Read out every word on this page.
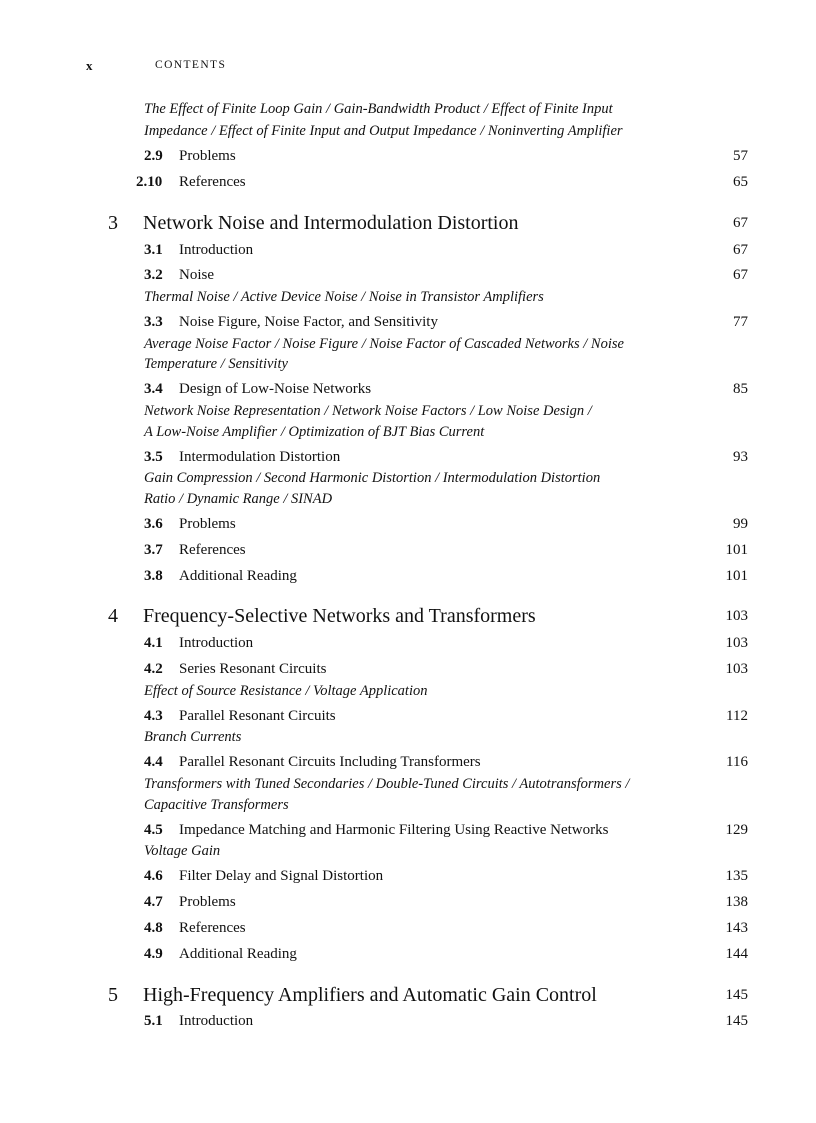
x	CONTENTS
The Effect of Finite Loop Gain / Gain-Bandwidth Product / Effect of Finite Input
Impedance / Effect of Finite Input and Output Impedance / Noninverting Amplifier
2.9 Problems	57
2.10 References	65
3 Network Noise and Intermodulation Distortion	67
3.1 Introduction	67
3.2 Noise	67
Thermal Noise / Active Device Noise / Noise in Transistor Amplifiers
3.3 Noise Figure, Noise Factor, and Sensitivity	77
Average Noise Factor / Noise Figure / Noise Factor of Cascaded Networks / Noise
Temperature / Sensitivity
3.4 Design of Low-Noise Networks	85
Network Noise Representation / Network Noise Factors / Low Noise Design /
A Low-Noise Amplifier / Optimization of BJT Bias Current
3.5 Intermodulation Distortion	93
Gain Compression / Second Harmonic Distortion / Intermodulation Distortion
Ratio / Dynamic Range / SINAD
3.6 Problems	99
3.7 References	101
3.8 Additional Reading	101
4 Frequency-Selective Networks and Transformers	103
4.1 Introduction	103
4.2 Series Resonant Circuits	103
Effect of Source Resistance / Voltage Application
4.3 Parallel Resonant Circuits	112
Branch Currents
4.4 Parallel Resonant Circuits Including Transformers	116
Transformers with Tuned Secondaries / Double-Tuned Circuits / Autotransformers /
Capacitive Transformers
4.5 Impedance Matching and Harmonic Filtering Using Reactive Networks	129
Voltage Gain
4.6 Filter Delay and Signal Distortion	135
4.7 Problems	138
4.8 References	143
4.9 Additional Reading	144
5 High-Frequency Amplifiers and Automatic Gain Control	145
5.1 Introduction	145
